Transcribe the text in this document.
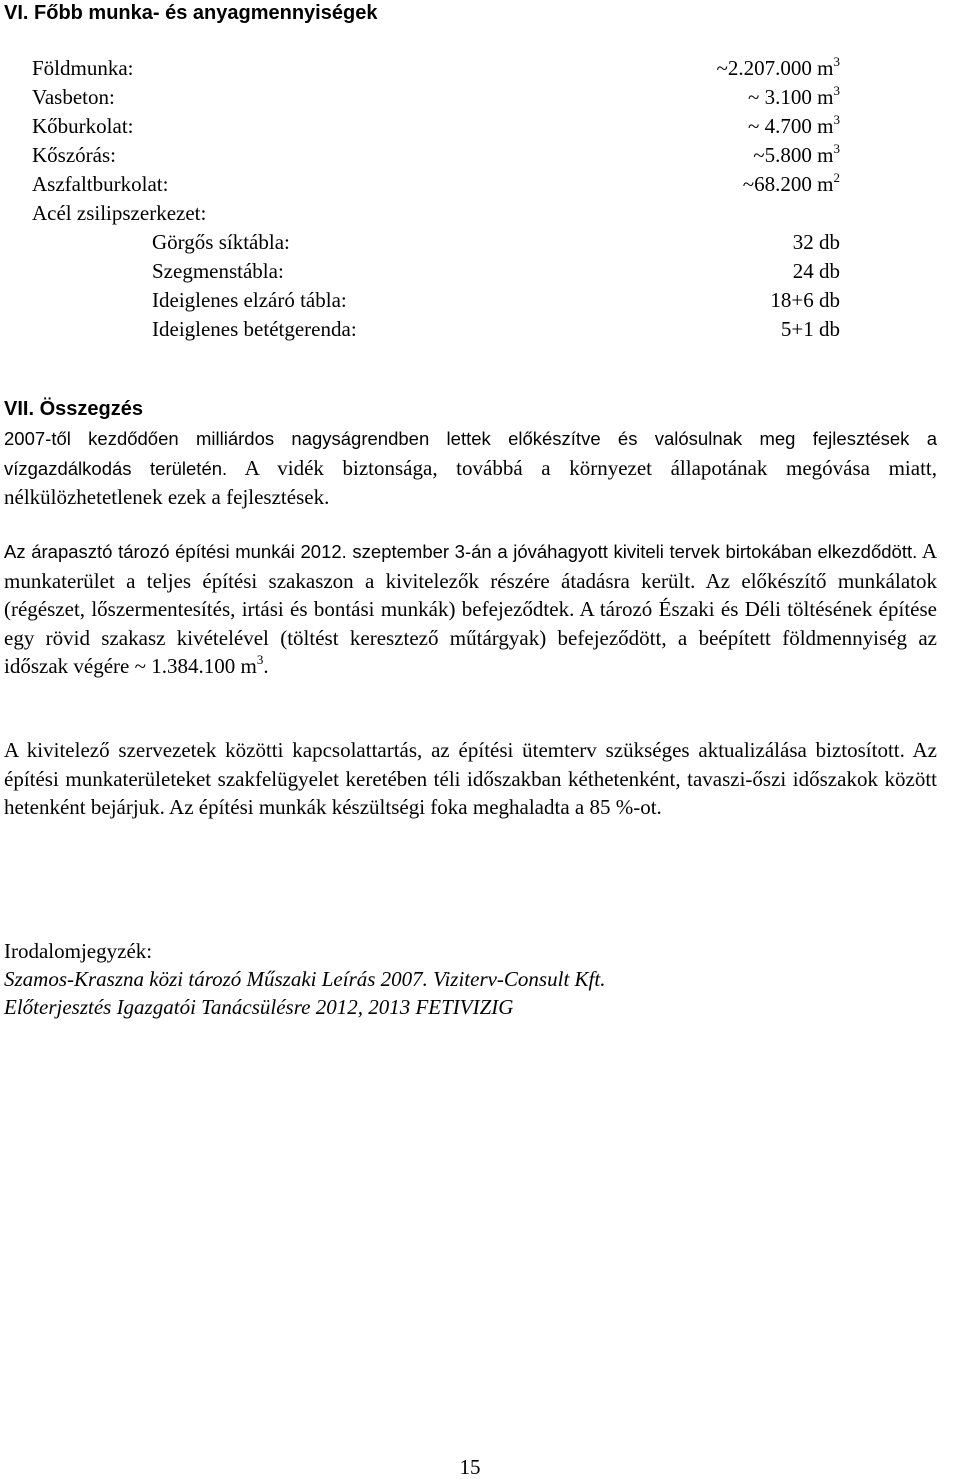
VI. Főbb munka- és anyagmennyiségek
Földmunka:	~2.207.000 $m^3$
Vasbeton:	~ 3.100 $m^3$
Kőburkolat:	~ 4.700 $m^3$
Kőszórás:	~5.800 $m^3$
Aszfaltburkolat:	~68.200 $m^2$
Acél zsilipszerkezet:
Görgős síktábla:	32 db
Szegmenstábla:	24 db
Ideiglenes elzáró tábla:	18+6 db
Ideiglenes betétgerenda:	5+1 db
VII. Összegzés

2007-től kezdődően milliárdos nagyságrendben lettek előkészítve és valósulnak meg fejlesztések a vízgazdálkodás területén. A vidék biztonsága, továbbá a környezet állapotának megóvása miatt, nélkülözhetetlenek ezek a fejlesztések.

Az árapasztó tározó építési munkái 2012. szeptember 3-án a jóváhagyott kiviteli tervek birtokában elkezdődött. A munkaterület a teljes építési szakaszon a kivitelezők részére átadásra került. Az előkészítő munkálatok (régészet, lőszermentesítés, irtási és bontási munkák) befejeződtek. A tározó Északi és Déli töltésének építése egy rövid szakasz kivételével (töltést keresztező műtárgyak) befejeződött, a beépített földmennyiség az időszak végére ~ 1.384.100 $m^3$.

A kivitelező szervezetek közötti kapcsolattartás, az építési ütemterv szükséges aktualizálása biztosított. Az építési munkaterületeket szakfelügyelet keretében téli időszakban kéthetenként, tavaszi-őszi időszakok között hetenként bejárjuk. Az építési munkák készültségi foka meghaladta a 85 %-ot.

Irodalomjegyzék:
Szamos-Kraszna közi tározó Műszaki Leírás 2007. Viziterv-Consult Kft.
Előterjesztés Igazgatói Tanácsülésre 2012, 2013 FETIVIZIG
15
